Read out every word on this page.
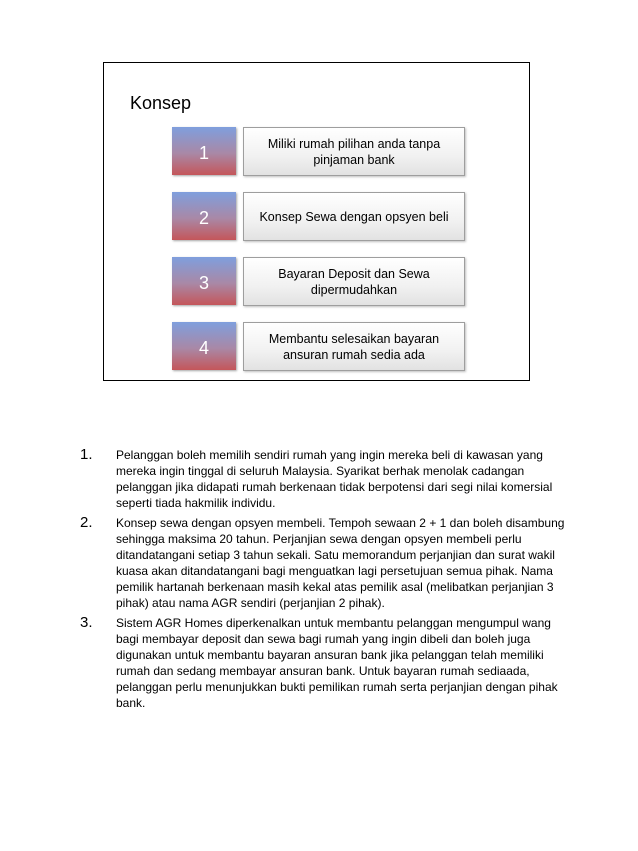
Konsep
1	Miliki rumah pilihan anda tanpa pinjaman bank
2	Konsep Sewa dengan opsyen beli
3	Bayaran Deposit dan Sewa dipermudahkan
4	Membantu selesaikan bayaran ansuran rumah sedia ada
1. Pelanggan boleh memilih sendiri rumah yang ingin mereka beli di kawasan yang mereka ingin tinggal di seluruh Malaysia. Syarikat berhak menolak cadangan pelanggan jika didapati rumah berkenaan tidak berpotensi dari segi nilai komersial seperti tiada hakmilik individu.
2. Konsep sewa dengan opsyen membeli. Tempoh sewaan 2 + 1 dan boleh disambung sehingga maksima 20 tahun. Perjanjian sewa dengan opsyen membeli perlu ditandatangani setiap 3 tahun sekali. Satu memorandum perjanjian dan surat wakil kuasa akan ditandatangani bagi menguatkan lagi persetujuan semua pihak. Nama pemilik hartanah berkenaan masih kekal atas pemilik asal (melibatkan perjanjian 3 pihak) atau nama AGR sendiri (perjanjian 2 pihak).
3. Sistem AGR Homes diperkenalkan untuk membantu pelanggan mengumpul wang bagi membayar deposit dan sewa bagi rumah yang ingin dibeli dan boleh juga digunakan untuk membantu bayaran ansuran bank jika pelanggan telah memiliki rumah dan sedang membayar ansuran bank. Untuk bayaran rumah sediaada, pelanggan perlu menunjukkan bukti pemilikan rumah serta perjanjian dengan pihak bank.
